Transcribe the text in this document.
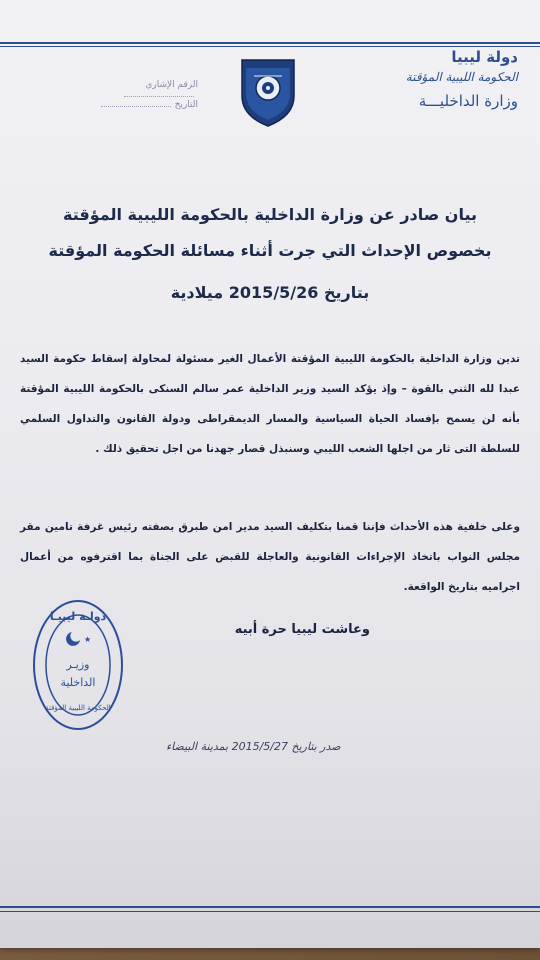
دولة ليبيا
الحكومة الليبية المؤقتة
وزارة الداخليـــة
الرقم الإشاري
التاريخ
بيان صادر عن وزارة الداخلية بالحكومة الليبية المؤقتة
بخصوص الإحداث التي جرت أثناء مسائلة الحكومة المؤقتة
بتاريخ 2015/5/26 ميلادية
تدين وزارة الداخلية بالحكومة الليبية المؤقتة الأعمال الغير مسئولة لمحاولة إسقاط حكومة السيد عبدا لله الثني بالقوة – وإذ يؤكد السيد وزير الداخلية عمر سالم السنكى بالحكومة الليبية المؤقتة بأنه لن يسمح بإفساد الحياة السياسية والمسار الديمقراطى ودولة القانون والتداول السلمي للسلطة التى ثار من اجلها الشعب الليبي وسنبذل قصار جهدنا من اجل تحقيق ذلك .
وعلى خلفية هذه الأحداث فإننا قمنا بتكليف السيد مدير امن طبرق بصفته رئيس غرفة تامين مقر مجلس النواب باتخاذ الإجراءات القانونية والعاجلة للقبض على الجناة بما اقترفوه من أعمال اجراميه بتاريخ الواقعة.
وعاشت ليبيا حرة أبيه
دولـة ليبيـا
★
وزيـر
الداخلية
الحكومة الليبية المؤقتة
صدر بتاريخ 2015/5/27 بمدينة البيضاء
